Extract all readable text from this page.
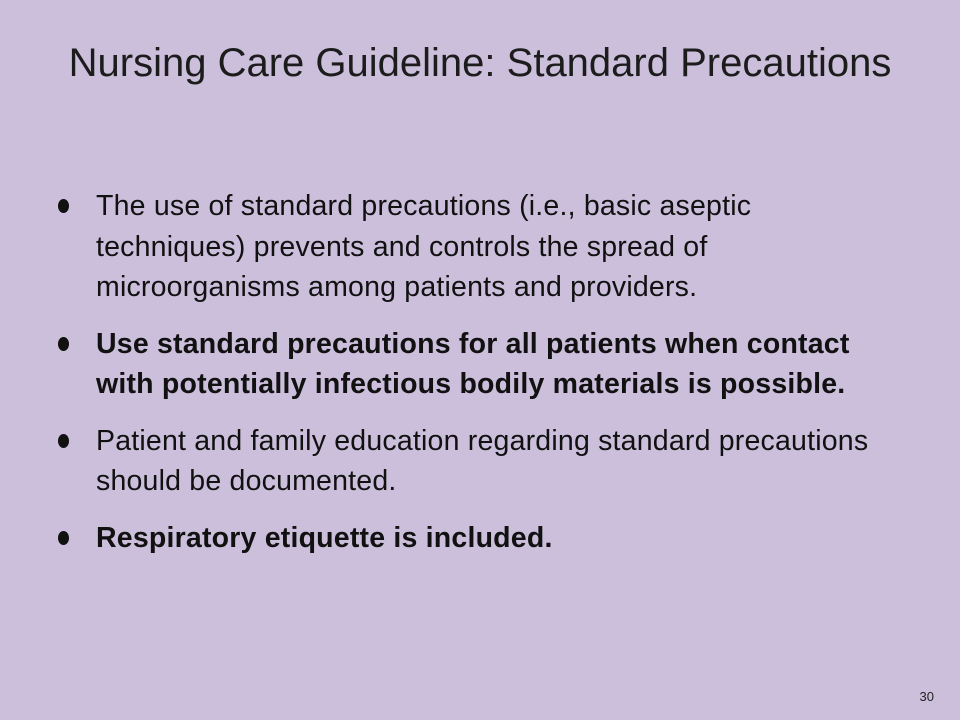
Nursing Care Guideline: Standard Precautions
The use of standard precautions (i.e., basic aseptic techniques) prevents and controls the spread of microorganisms among patients and providers.
Use standard precautions for all patients when contact with potentially infectious bodily materials is possible.
Patient and family education regarding standard precautions should be documented.
Respiratory etiquette is included.
30
